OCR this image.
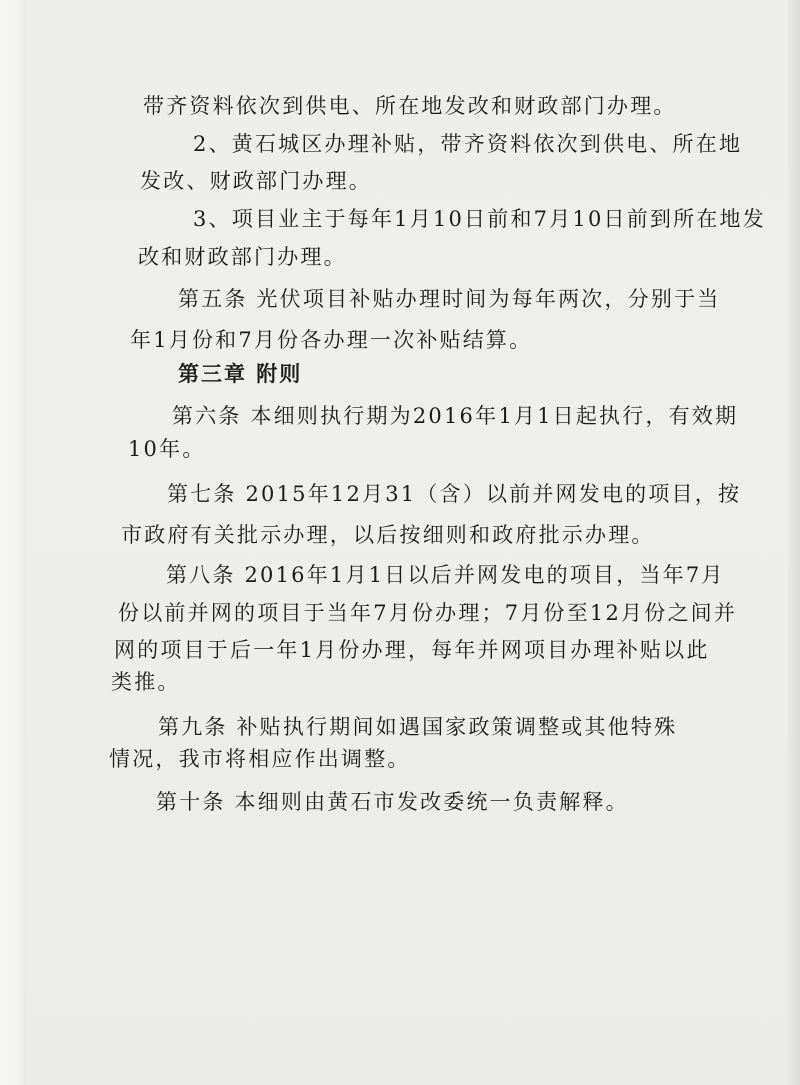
带齐资料依次到供电、所在地发改和财政部门办理。
2、黄石城区办理补贴，带齐资料依次到供电、所在地
发改、财政部门办理。
3、项目业主于每年1月10日前和7月10日前到所在地发
改和财政部门办理。
第五条 光伏项目补贴办理时间为每年两次，分别于当
年1月份和7月份各办理一次补贴结算。
第三章 附则
第六条 本细则执行期为2016年1月1日起执行，有效期
10年。
第七条 2015年12月31（含）以前并网发电的项目，按
市政府有关批示办理，以后按细则和政府批示办理。
第八条 2016年1月1日以后并网发电的项目，当年7月
份以前并网的项目于当年7月份办理；7月份至12月份之间并
网的项目于后一年1月份办理，每年并网项目办理补贴以此
类推。
第九条 补贴执行期间如遇国家政策调整或其他特殊
情况，我市将相应作出调整。
第十条 本细则由黄石市发改委统一负责解释。
